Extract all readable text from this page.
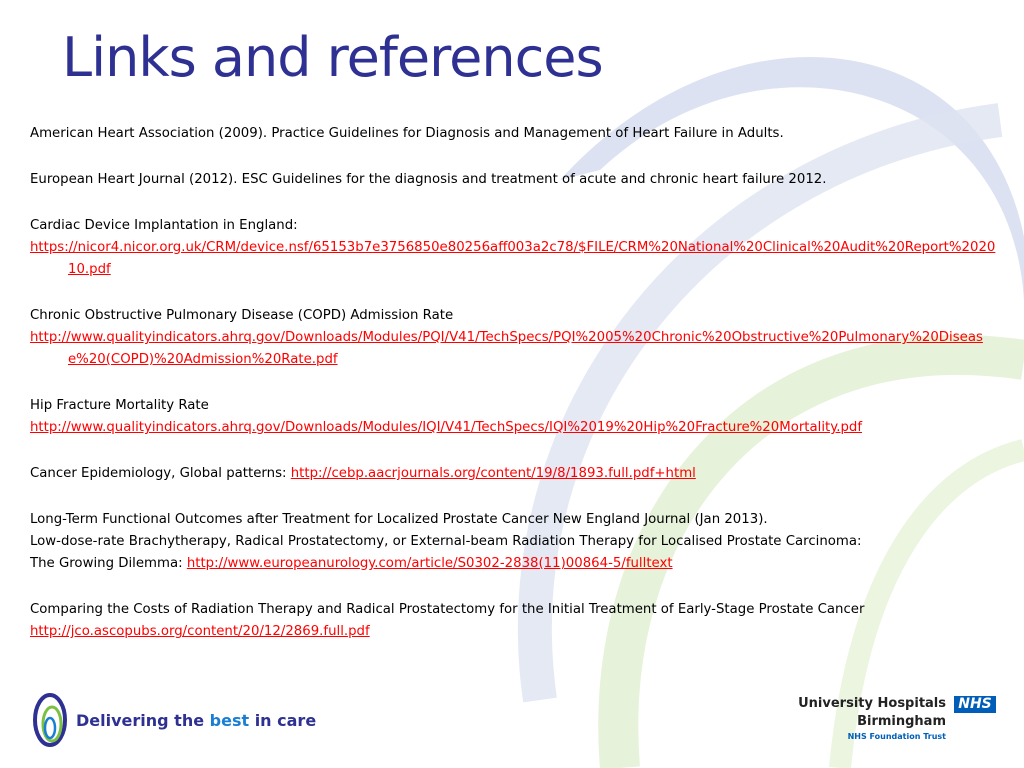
Links and references

American Heart Association (2009). Practice Guidelines for Diagnosis and Management of Heart Failure in Adults.

European Heart Journal (2012). ESC Guidelines for the diagnosis and treatment of acute and chronic heart failure 2012.

Cardiac Device Implantation in England:

https://nicor4.nicor.org.uk/CRM/device.nsf/65153b7e3756850e80256aff003a2c78/$FILE/CRM%20National%20Clinical%20Audit%20Report%202010.pdf

Chronic Obstructive Pulmonary Disease (COPD) Admission Rate

http://www.qualityindicators.ahrq.gov/Downloads/Modules/PQI/V41/TechSpecs/PQI%2005%20Chronic%20Obstructive%20Pulmonary%20Disease%20(COPD)%20Admission%20Rate.pdf

Hip Fracture Mortality Rate

http://www.qualityindicators.ahrq.gov/Downloads/Modules/IQI/V41/TechSpecs/IQI%2019%20Hip%20Fracture%20Mortality.pdf

Cancer Epidemiology, Global patterns: http://cebp.aacrjournals.org/content/19/8/1893.full.pdf+html

Long-Term Functional Outcomes after Treatment for Localized Prostate Cancer New England Journal (Jan 2013).

Low-dose-rate Brachytherapy, Radical Prostatectomy, or External-beam Radiation Therapy for Localised Prostate Carcinoma:

The Growing Dilemma: http://www.europeanurology.com/article/S0302-2838(11)00864-5/fulltext

Comparing the Costs of Radiation Therapy and Radical Prostatectomy for the Initial Treatment of Early-Stage Prostate Cancer

http://jco.ascopubs.org/content/20/12/2869.full.pdf

Delivering the best in care
University Hospitals
Birmingham
NHS Foundation Trust
NHS
